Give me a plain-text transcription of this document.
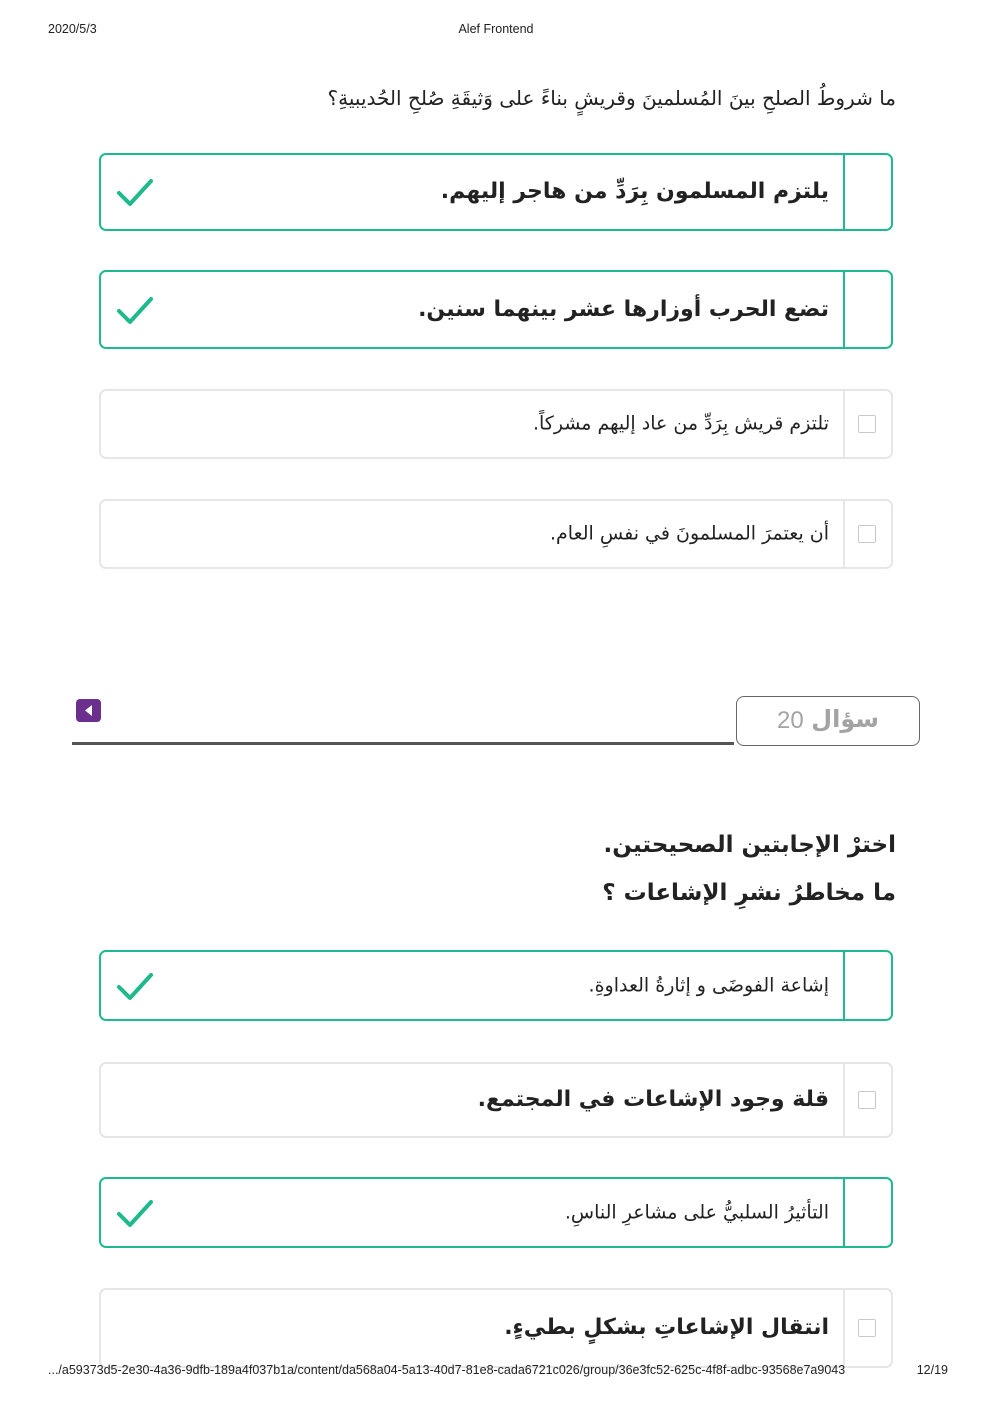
2020/5/3	Alef Frontend
ما شروطُ الصلحِ بينَ المُسلمينَ وقريشٍ بناءً على وَثيقَةِ صُلحِ الحُديبيةِ؟
يلتزم المسلمون بِرَدِّ من هاجر إليهم.
تضع الحرب أوزارها عشر بينهما سنين.
تلتزم قريش بِرَدِّ من عاد إليهم مشركاً.
أن يعتمرَ المسلمونَ في نفسِ العام.
سؤال
20
اخترْ الإجابتين الصحيحتين.
ما مخاطرُ نشرِ الإشاعات ؟
إشاعة الفوضَى و إثارةُ العداوةِ.
قلة وجود الإشاعات في المجتمع.
التأثيرُ السلبيُّ على مشاعرِ الناسِ.
انتقال الإشاعاتِ بشكلٍ بطيءٍ.
.../a59373d5-2e30-4a36-9dfb-189a4f037b1a/content/da568a04-5a13-40d7-81e8-cada6721c026/group/36e3fc52-625c-4f8f-adbc-93568e7a9043	12/19
